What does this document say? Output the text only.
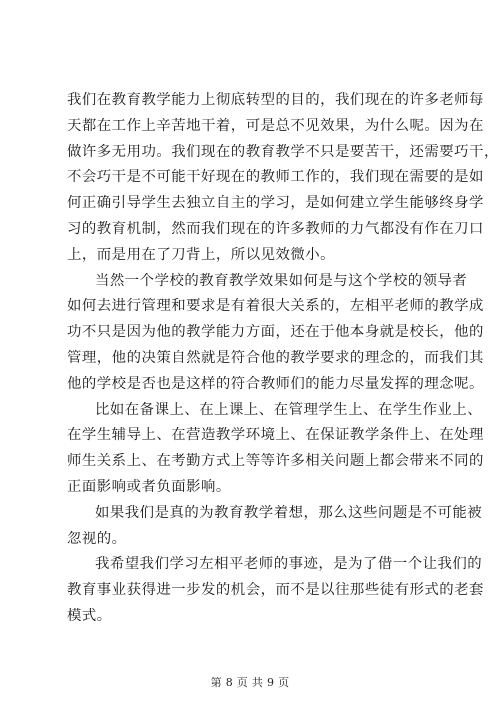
我们在教育教学能力上彻底转型的目的，我们现在的许多老师每
天都在工作上辛苦地干着，可是总不见效果，为什么呢。因为在
做许多无用功。我们现在的教育教学不只是要苦干，还需要巧干，
不会巧干是不可能干好现在的教师工作的，我们现在需要的是如
何正确引导学生去独立自主的学习，是如何建立学生能够终身学
习的教育机制，然而我们现在的许多教师的力气都没有作在刀口
上，而是用在了刀背上，所以见效微小。

当然一个学校的教育教学效果如何是与这个学校的领导者
如何去进行管理和要求是有着很大关系的，左相平老师的教学成
功不只是因为他的教学能力方面，还在于他本身就是校长，他的
管理，他的决策自然就是符合他的教学要求的理念的，而我们其
他的学校是否也是这样的符合教师们的能力尽量发挥的理念呢。

比如在备课上、在上课上、在管理学生上、在学生作业上、
在学生辅导上、在营造教学环境上、在保证教学条件上、在处理
师生关系上、在考勤方式上等等许多相关问题上都会带来不同的
正面影响或者负面影响。

如果我们是真的为教育教学着想，那么这些问题是不可能被
忽视的。

我希望我们学习左相平老师的事迹，是为了借一个让我们的
教育事业获得进一步发的机会，而不是以往那些徒有形式的老套
模式。

第 8 页 共 9 页
